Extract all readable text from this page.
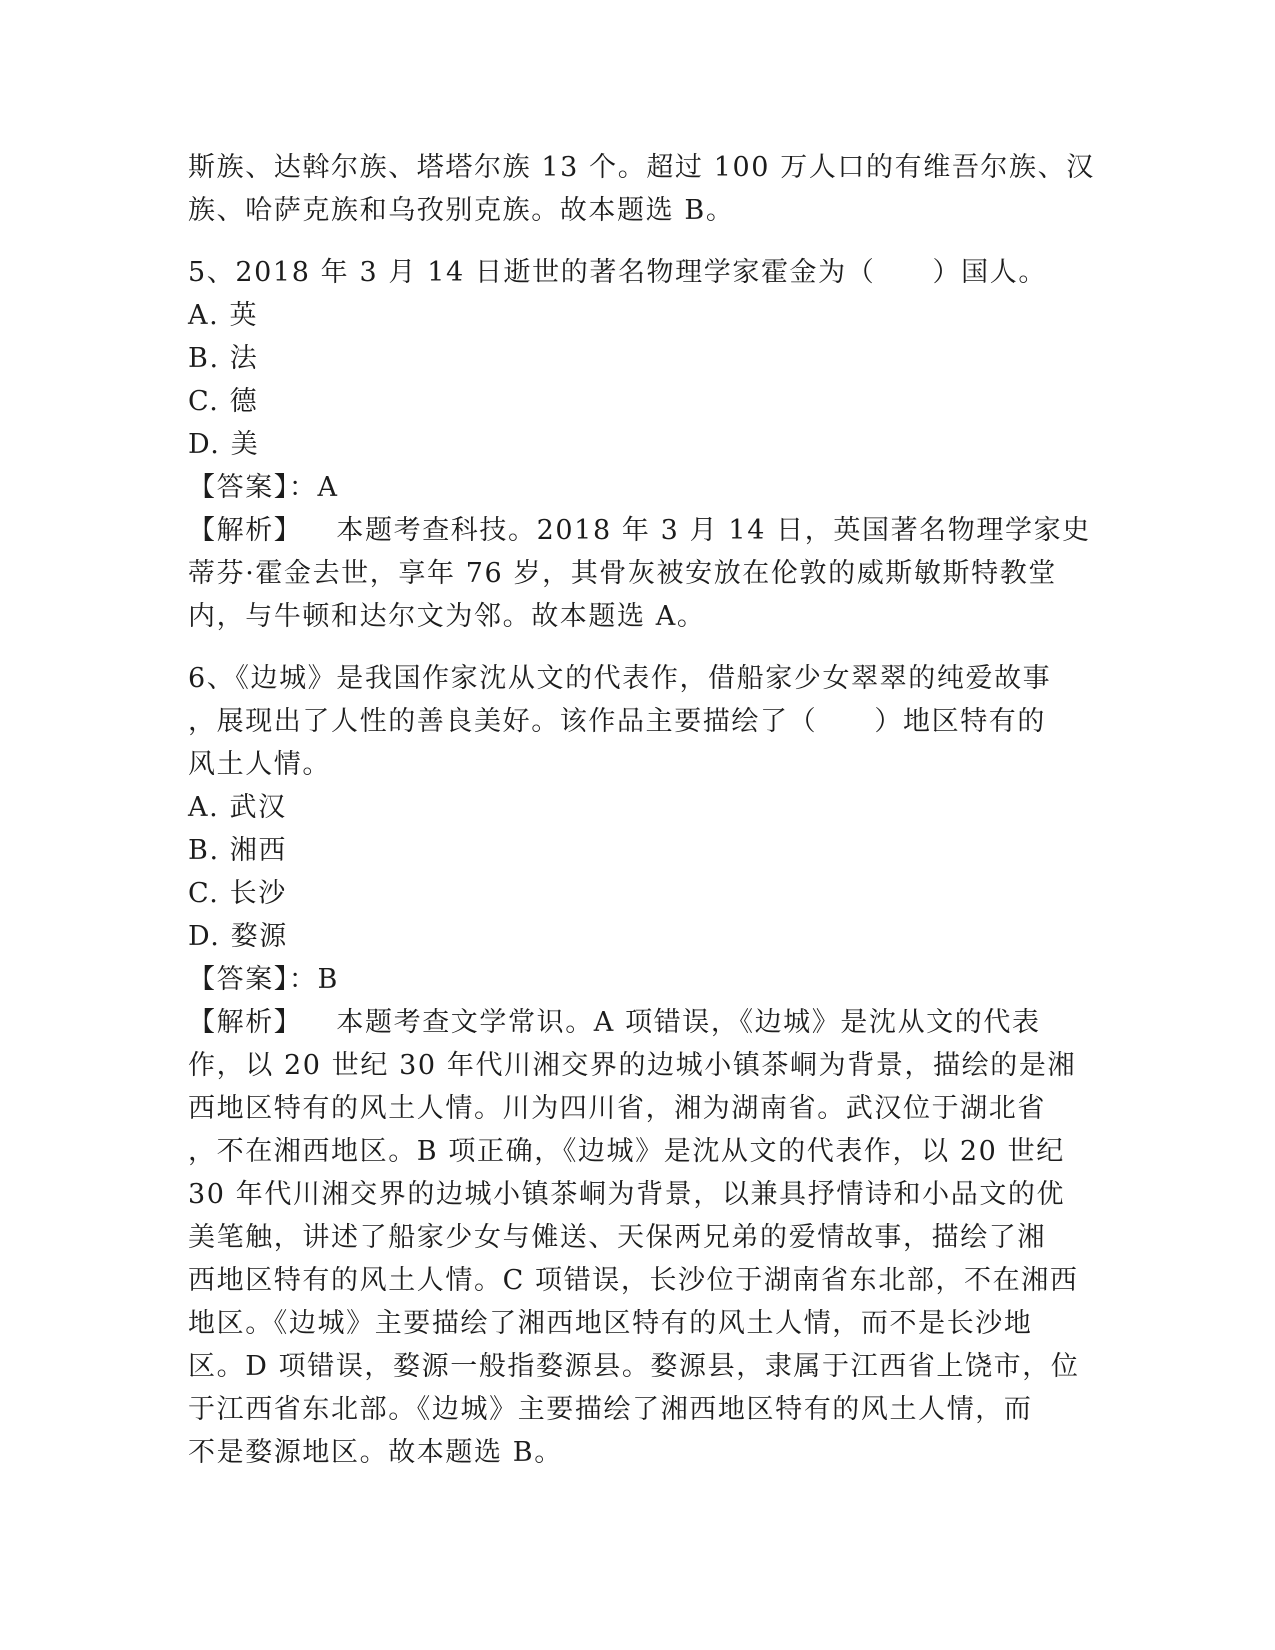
斯族、达斡尔族、塔塔尔族 13 个。超过 100 万人口的有维吾尔族、汉
族、哈萨克族和乌孜别克族。故本题选 B。
5、2018 年 3 月 14 日逝世的著名物理学家霍金为（　　）国人。
A. 英
B. 法
C. 德
D. 美
【答案】：A
【解析】 本题考查科技。2018 年 3 月 14 日，英国著名物理学家史
蒂芬·霍金去世，享年 76 岁，其骨灰被安放在伦敦的威斯敏斯特教堂
内，与牛顿和达尔文为邻。故本题选 A。
6、《边城》是我国作家沈从文的代表作，借船家少女翠翠的纯爱故事
，展现出了人性的善良美好。该作品主要描绘了（　　）地区特有的
风土人情。
A. 武汉
B. 湘西
C. 长沙
D. 婺源
【答案】：B
【解析】 本题考查文学常识。A 项错误，《边城》是沈从文的代表
作，以 20 世纪 30 年代川湘交界的边城小镇茶峒为背景，描绘的是湘
西地区特有的风土人情。川为四川省，湘为湖南省。武汉位于湖北省
，不在湘西地区。B 项正确，《边城》是沈从文的代表作，以 20 世纪
30 年代川湘交界的边城小镇茶峒为背景，以兼具抒情诗和小品文的优
美笔触，讲述了船家少女与傩送、天保两兄弟的爱情故事，描绘了湘
西地区特有的风土人情。C 项错误，长沙位于湖南省东北部，不在湘西
地区。《边城》主要描绘了湘西地区特有的风土人情，而不是长沙地
区。D 项错误，婺源一般指婺源县。婺源县，隶属于江西省上饶市，位
于江西省东北部。《边城》主要描绘了湘西地区特有的风土人情，而
不是婺源地区。故本题选 B。
